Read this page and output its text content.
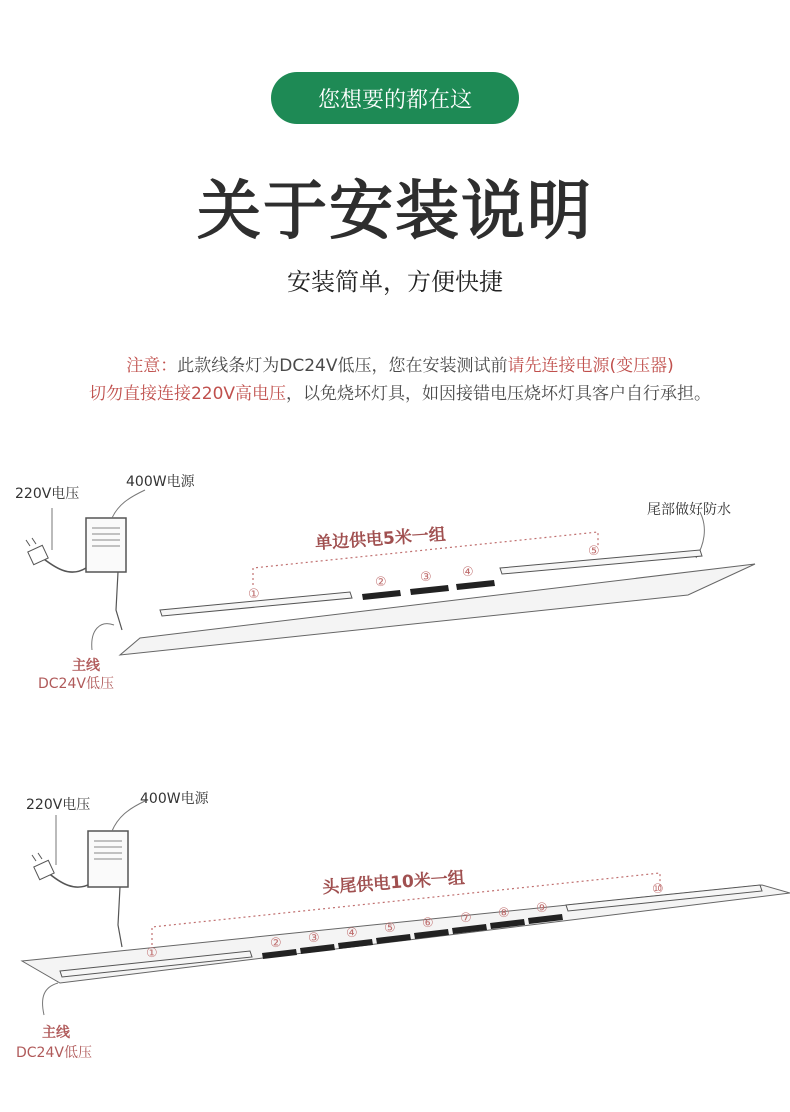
您想要的都在这
关于安装说明
安装简单，方便快捷
注意：此款线条灯为DC24V低压，您在安装测试前请先连接电源(变压器)
切勿直接连接220V高电压，以免烧坏灯具，如因接错电压烧坏灯具客户自行承担。
①
②	③ ④
⑤
220V电压
400W电源
单边供电5米一组
尾部做好防水
主线
DC24V低压
①
② ③ ④ ⑤ ⑥ ⑦ ⑧ ⑨
⑩
220V电压	400W电源
头尾供电10米一组
主线
DC24V低压
